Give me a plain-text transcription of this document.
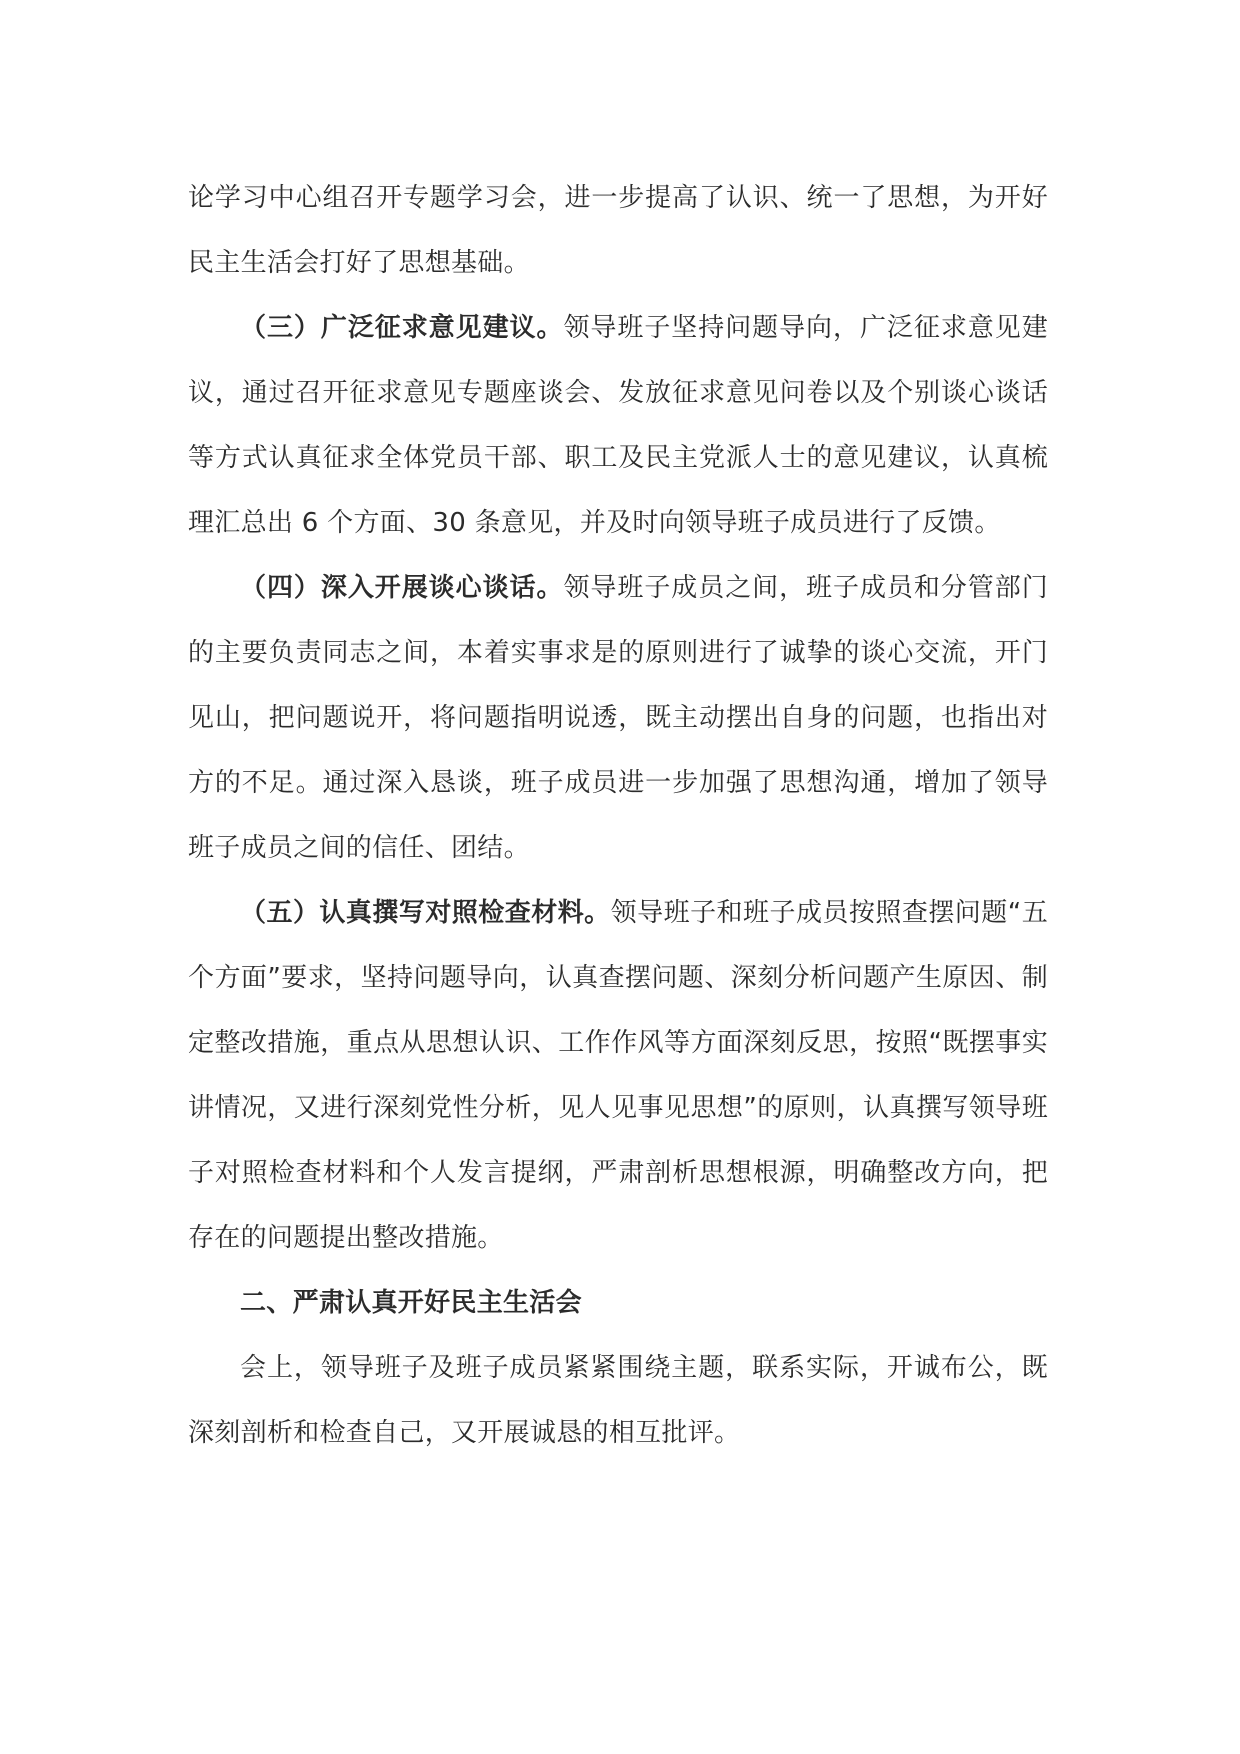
论学习中心组召开专题学习会，进一步提高了认识、统一了思想，为开好民主生活会打好了思想基础。

（三）广泛征求意见建议。领导班子坚持问题导向，广泛征求意见建议，通过召开征求意见专题座谈会、发放征求意见问卷以及个别谈心谈话等方式认真征求全体党员干部、职工及民主党派人士的意见建议，认真梳理汇总出 6 个方面、30 条意见，并及时向领导班子成员进行了反馈。

（四）深入开展谈心谈话。领导班子成员之间，班子成员和分管部门的主要负责同志之间，本着实事求是的原则进行了诚挚的谈心交流，开门见山，把问题说开，将问题指明说透，既主动摆出自身的问题，也指出对方的不足。通过深入恳谈，班子成员进一步加强了思想沟通，增加了领导班子成员之间的信任、团结。

（五）认真撰写对照检查材料。领导班子和班子成员按照查摆问题“五个方面”要求，坚持问题导向，认真查摆问题、深刻分析问题产生原因、制定整改措施，重点从思想认识、工作作风等方面深刻反思，按照“既摆事实讲情况，又进行深刻党性分析，见人见事见思想”的原则，认真撰写领导班子对照检查材料和个人发言提纲，严肃剖析思想根源，明确整改方向，把存在的问题提出整改措施。

二、严肃认真开好民主生活会

会上，领导班子及班子成员紧紧围绕主题，联系实际，开诚布公，既深刻剖析和检查自己，又开展诚恳的相互批评。
